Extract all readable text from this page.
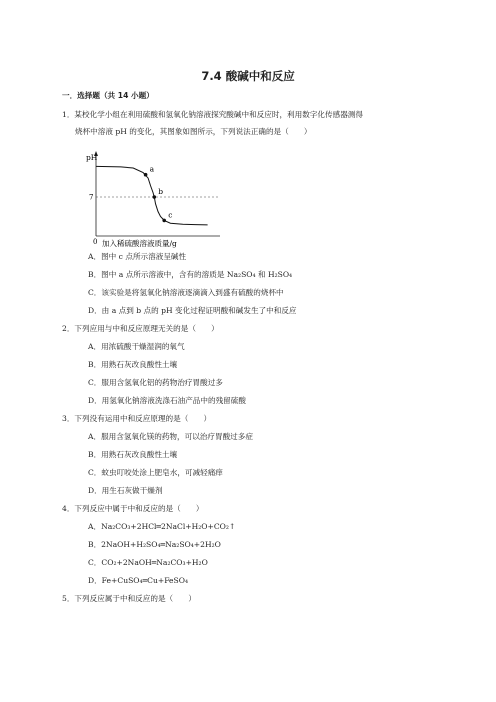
7.4 酸碱中和反应
一．选择题（共 14 小题）
1．某校化学小组在利用硫酸和氢氧化钠溶液探究酸碱中和反应时，利用数字化传感器测得
烧杯中溶液 pH 的变化，其图象如图所示，下列说法正确的是（　　）
a
b
c
pH
7
0 加入稀硫酸溶液质量/g
A．图中 c 点所示溶液呈碱性
B．图中 a 点所示溶液中，含有的溶质是 Na₂SO₄ 和 H₂SO₄
C．该实验是将氢氧化钠溶液逐滴滴入到盛有硫酸的烧杯中
D．由 a 点到 b 点的 pH 变化过程证明酸和碱发生了中和反应
2．下列应用与中和反应原理无关的是（　　）
A．用浓硫酸干燥湿润的氧气
B．用熟石灰改良酸性土壤
C．服用含氢氧化铝的药物治疗胃酸过多
D．用氢氧化钠溶液洗涤石油产品中的残留硫酸
3．下列没有运用中和反应原理的是（　　）
A．服用含氢氧化镁的药物，可以治疗胃酸过多症
B．用熟石灰改良酸性土壤
C．蚊虫叮咬处涂上肥皂水，可减轻痛痒
D．用生石灰做干燥剂
4．下列反应中属于中和反应的是（　　）
A．Na₂CO₃+2HCl═2NaCl+H₂O+CO₂↑
B．2NaOH+H₂SO₄═Na₂SO₄+2H₂O
C．CO₂+2NaOH═Na₂CO₃+H₂O
D．Fe+CuSO₄═Cu+FeSO₄
5．下列反应属于中和反应的是（　　）
